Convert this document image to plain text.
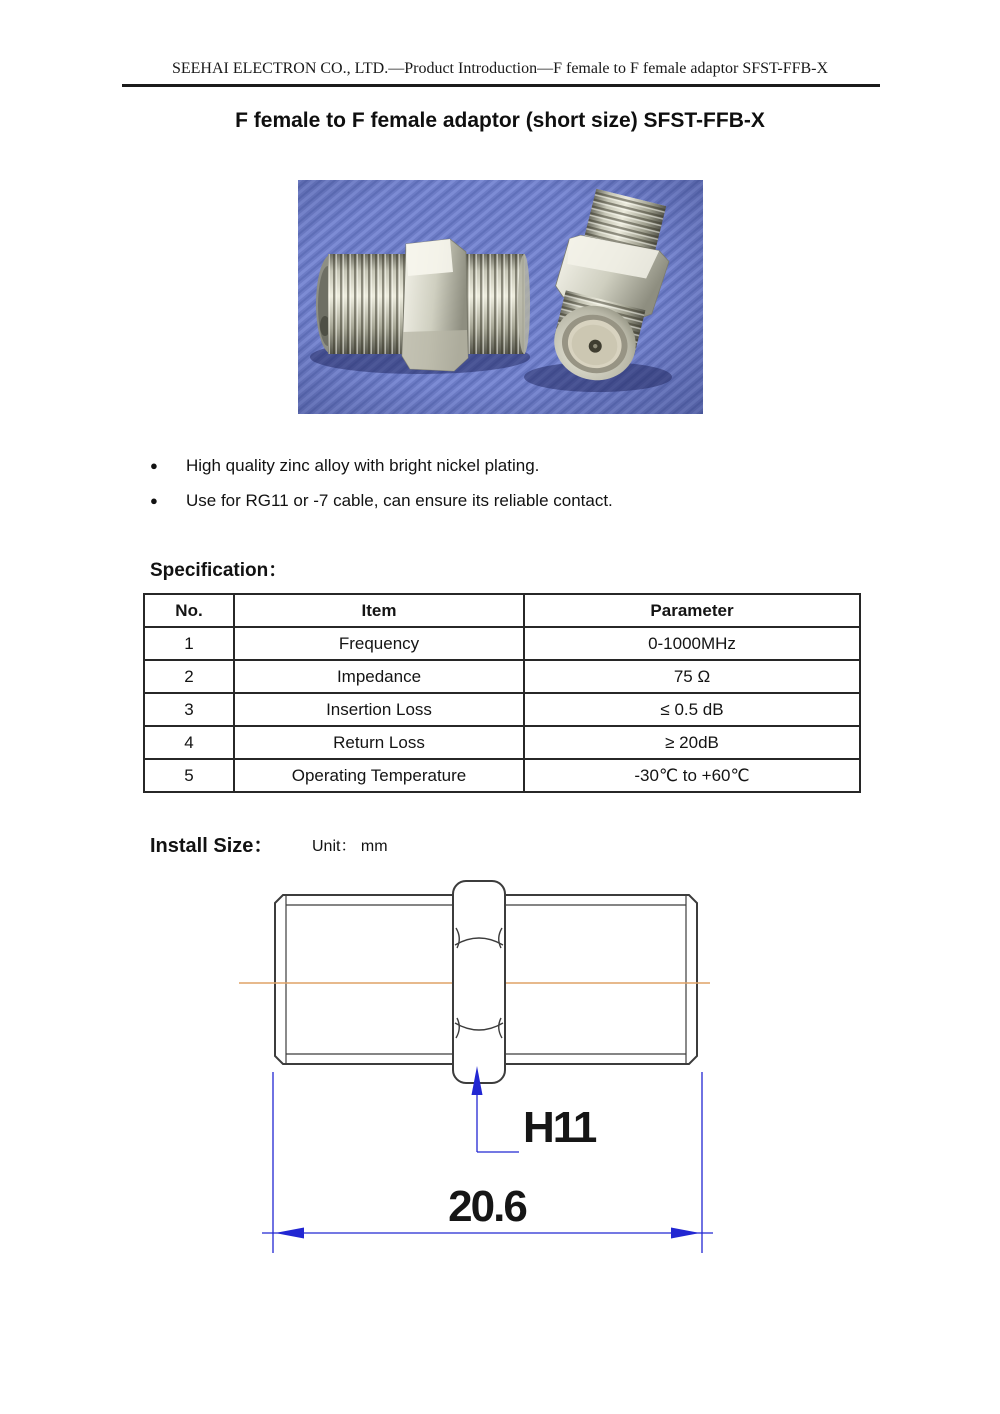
SEEHAI ELECTRON CO., LTD.—Product Introduction—F female to F female adaptor SFST-FFB-X
F female to F female adaptor (short size) SFST-FFB-X
●	High quality zinc alloy with bright nickel plating.
●	Use for RG11 or -7 cable, can ensure its reliable contact.
Specification：
No.	Item	Parameter
1	Frequency	0-1000MHz
2	Impedance	75 Ω
3	Insertion Loss	≤ 0.5 dB
4	Return Loss	≥ 20dB
5	Operating Temperature	-30℃ to +60℃
Install Size： Unit： mm
20.6
H11
